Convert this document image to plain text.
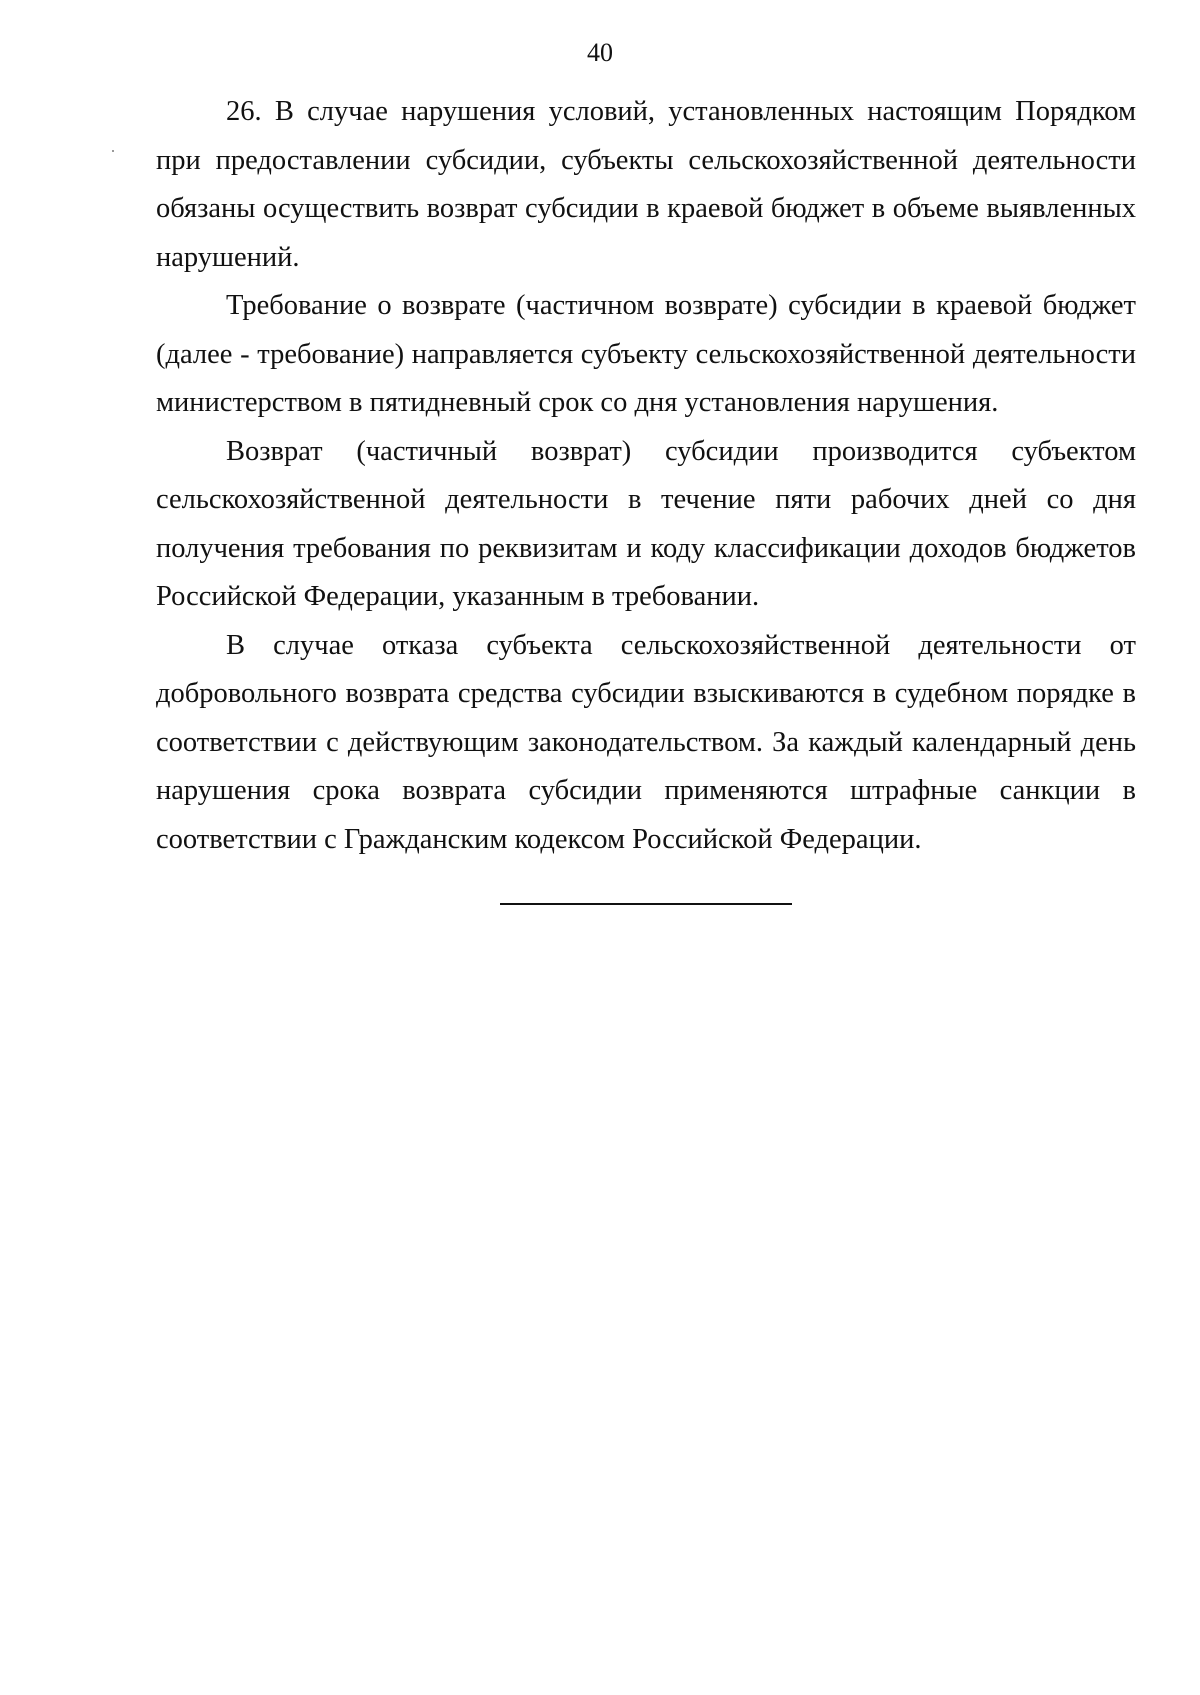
40

26. В случае нарушения условий, установленных настоящим Порядком при предоставлении субсидии, субъекты сельскохозяйственной деятельности обязаны осуществить возврат субсидии в краевой бюджет в объеме выявленных нарушений.

Требование о возврате (частичном возврате) субсидии в краевой бюджет (далее - требование) направляется субъекту сельскохозяйственной деятельности министерством в пятидневный срок со дня установления нарушения.

Возврат (частичный возврат) субсидии производится субъектом сельскохозяйственной деятельности в течение пяти рабочих дней со дня получения требования по реквизитам и коду классификации доходов бюджетов Российской Федерации, указанным в требовании.

В случае отказа субъекта сельскохозяйственной деятельности от добровольного возврата средства субсидии взыскиваются в судебном порядке в соответствии с действующим законодательством. За каждый календарный день нарушения срока возврата субсидии применяются штрафные санкции в соответствии с Гражданским кодексом Российской Федерации.
